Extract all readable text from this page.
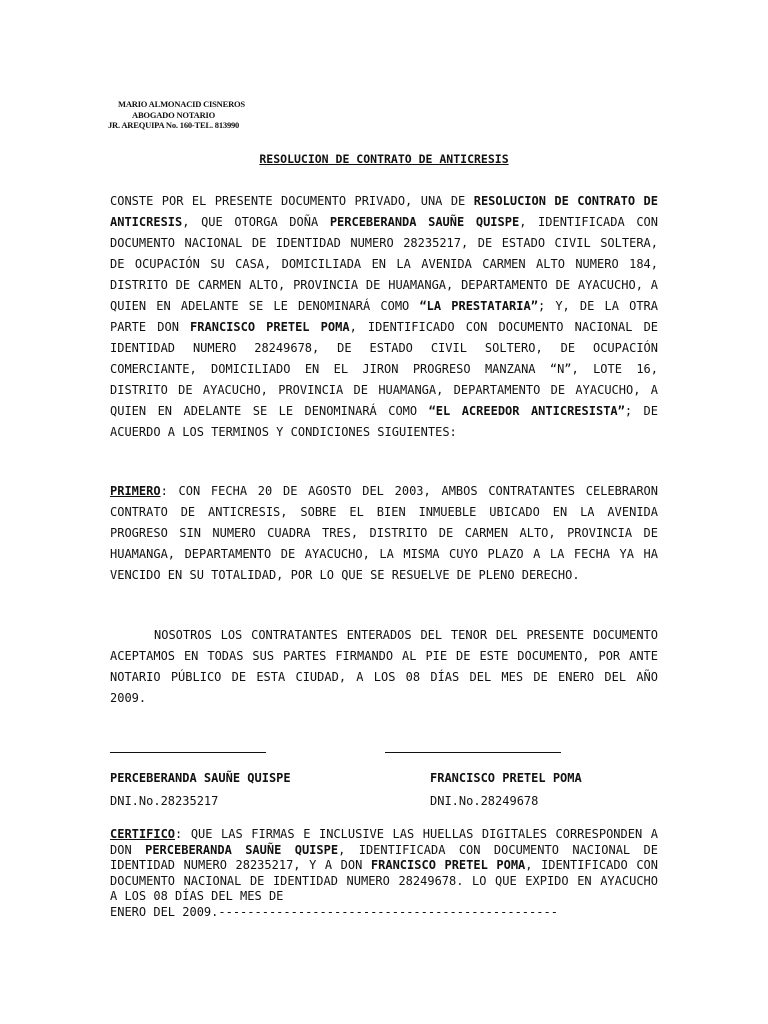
MARIO ALMONACID CISNEROS
ABOGADO NOTARIO
JR. AREQUIPA No. 160-TEL. 813990
RESOLUCION DE CONTRATO DE ANTICRESIS
CONSTE POR EL PRESENTE DOCUMENTO PRIVADO, UNA DE RESOLUCION DE CONTRATO DE ANTICRESIS, QUE OTORGA DOÑA PERCEBERANDA SAUÑE QUISPE, IDENTIFICADA CON DOCUMENTO NACIONAL DE IDENTIDAD NUMERO 28235217, DE ESTADO CIVIL SOLTERA, DE OCUPACIÓN SU CASA, DOMICILIADA EN LA AVENIDA CARMEN ALTO NUMERO 184, DISTRITO DE CARMEN ALTO, PROVINCIA DE HUAMANGA, DEPARTAMENTO DE AYACUCHO, A QUIEN EN ADELANTE SE LE DENOMINARÁ COMO “LA PRESTATARIA”; Y, DE LA OTRA PARTE DON FRANCISCO PRETEL POMA, IDENTIFICADO CON DOCUMENTO NACIONAL DE IDENTIDAD NUMERO 28249678, DE ESTADO CIVIL SOLTERO, DE OCUPACIÓN COMERCIANTE, DOMICILIADO EN EL JIRON PROGRESO MANZANA “N”, LOTE 16, DISTRITO DE AYACUCHO, PROVINCIA DE HUAMANGA, DEPARTAMENTO DE AYACUCHO, A QUIEN EN ADELANTE SE LE DENOMINARÁ COMO “EL ACREEDOR ANTICRESISTA”; DE ACUERDO A LOS TERMINOS Y CONDICIONES SIGUIENTES:
PRIMERO: CON FECHA 20 DE AGOSTO DEL 2003, AMBOS CONTRATANTES CELEBRARON CONTRATO DE ANTICRESIS, SOBRE EL BIEN INMUEBLE UBICADO EN LA AVENIDA PROGRESO SIN NUMERO CUADRA TRES, DISTRITO DE CARMEN ALTO, PROVINCIA DE HUAMANGA, DEPARTAMENTO DE AYACUCHO, LA MISMA CUYO PLAZO A LA FECHA YA HA VENCIDO EN SU TOTALIDAD, POR LO QUE SE RESUELVE DE PLENO DERECHO.
NOSOTROS LOS CONTRATANTES ENTERADOS DEL TENOR DEL PRESENTE DOCUMENTO ACEPTAMOS EN TODAS SUS PARTES FIRMANDO AL PIE DE ESTE DOCUMENTO, POR ANTE NOTARIO PÚBLICO DE ESTA CIUDAD, A LOS 08 DÍAS DEL MES DE ENERO DEL AÑO 2009.
PERCEBERANDA SAUÑE QUISPE	FRANCISCO PRETEL POMA
DNI.No.28235217	DNI.No.28249678
CERTIFICO: QUE LAS FIRMAS E INCLUSIVE LAS HUELLAS DIGITALES CORRESPONDEN A DON PERCEBERANDA SAUÑE QUISPE, IDENTIFICADA CON DOCUMENTO NACIONAL DE IDENTIDAD NUMERO 28235217, Y A DON FRANCISCO PRETEL POMA, IDENTIFICADO CON DOCUMENTO NACIONAL DE IDENTIDAD NUMERO 28249678. LO QUE EXPIDO EN AYACUCHO A LOS 08 DÍAS DEL MES DE
ENERO DEL 2009.-----------------------------------------------
